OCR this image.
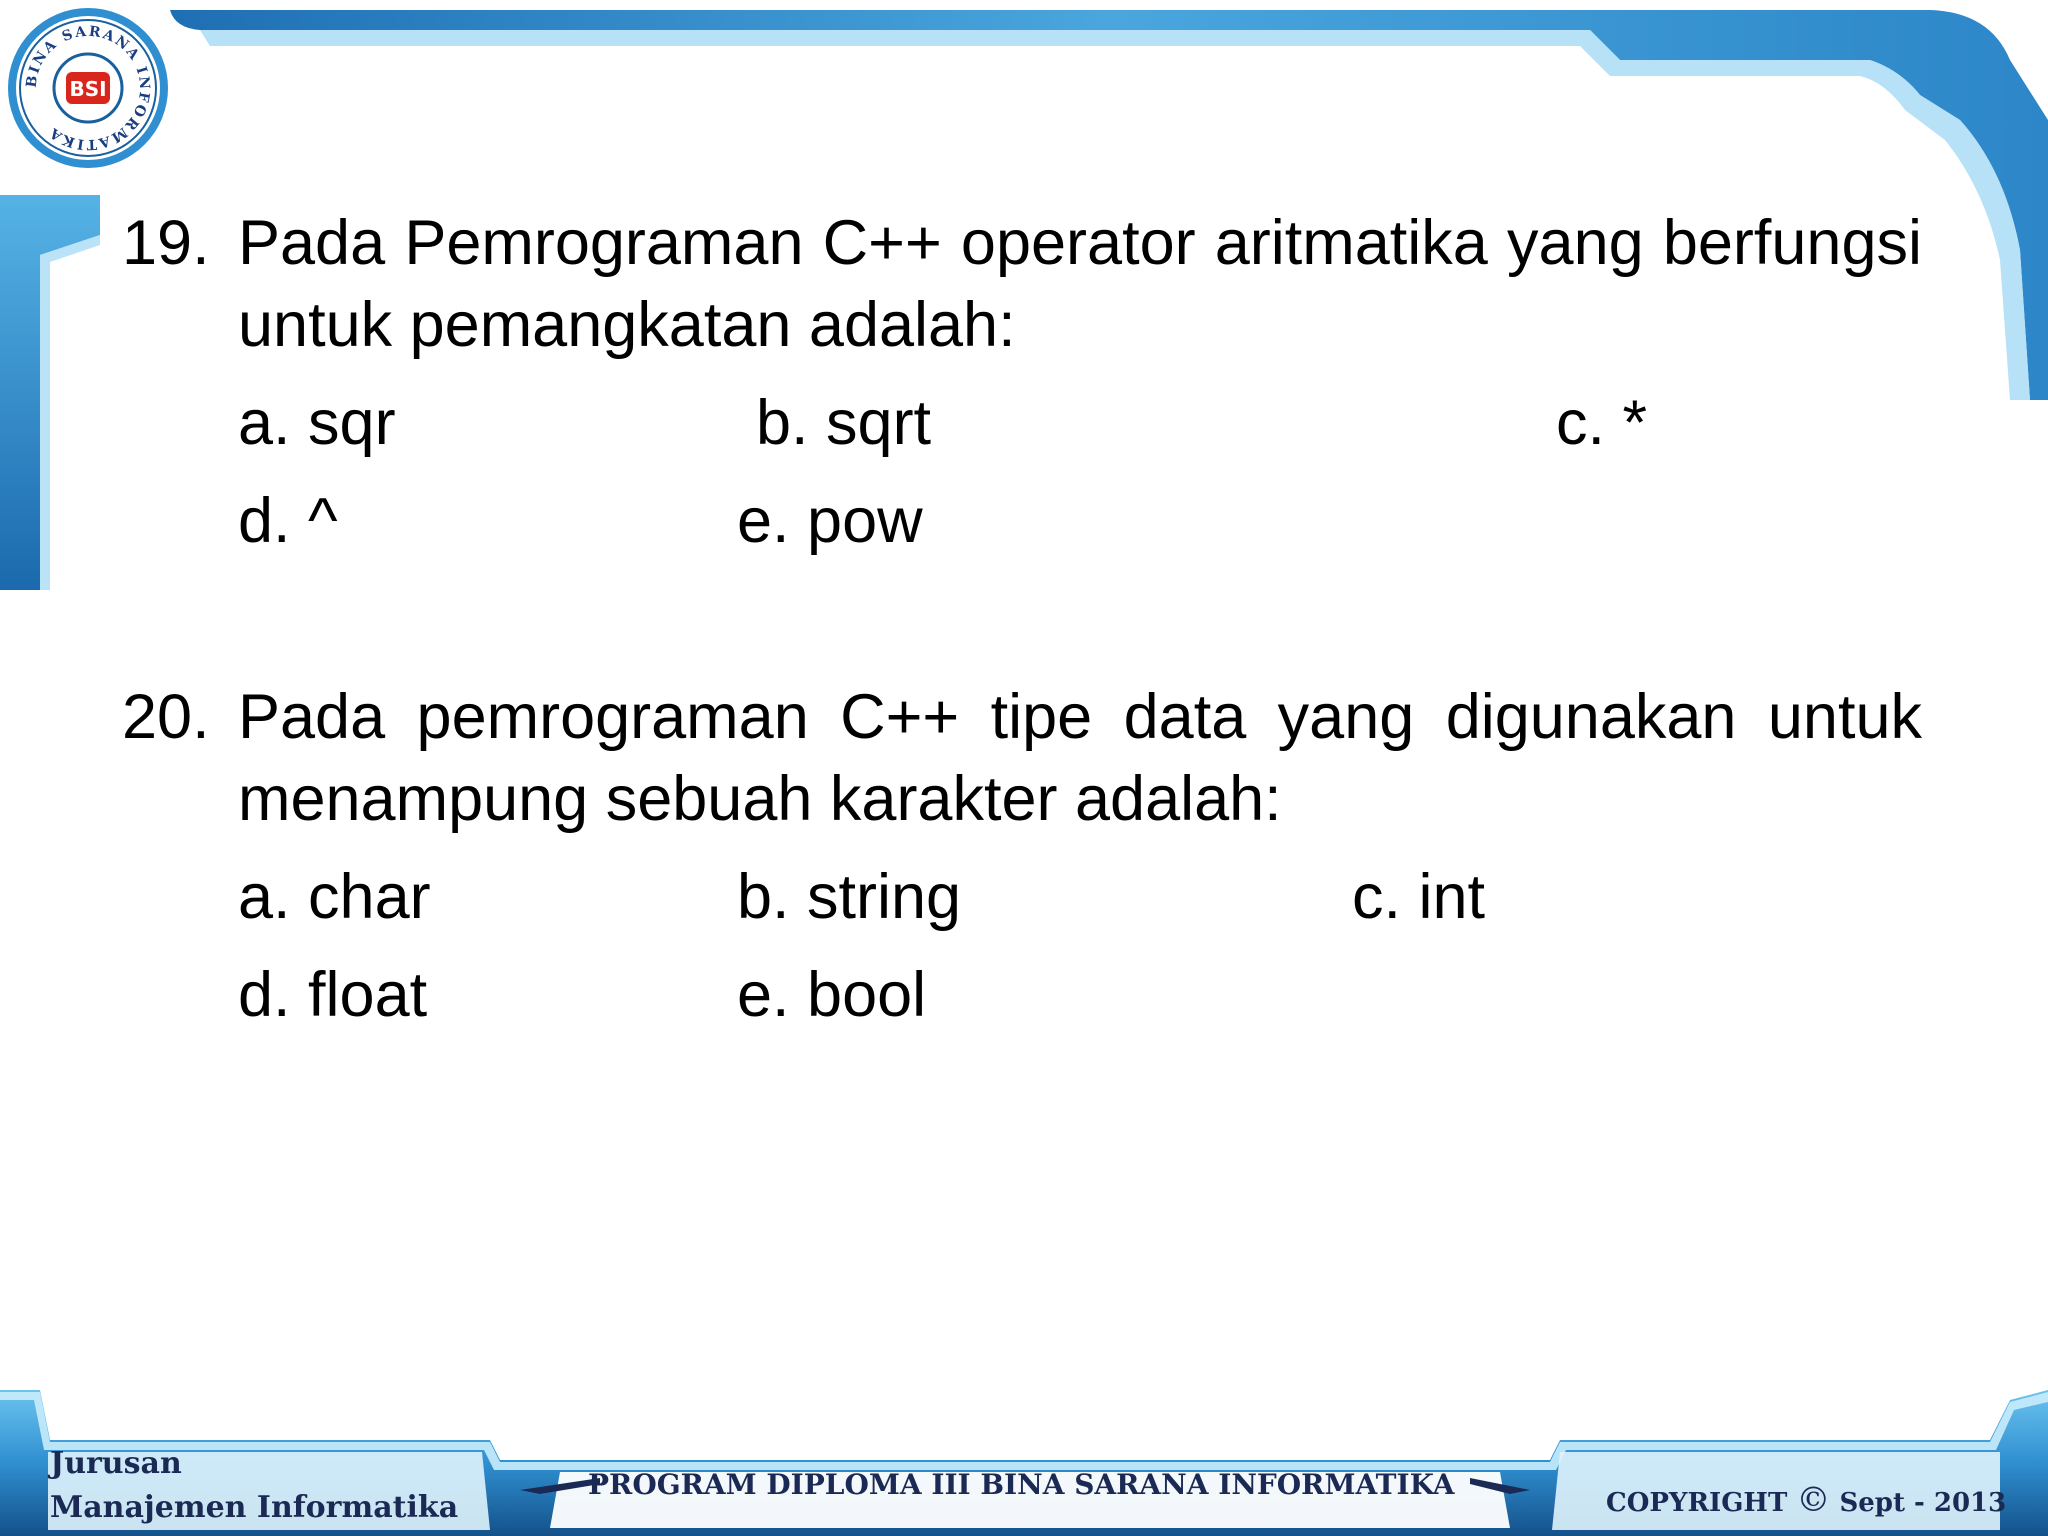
BINA SARANA INFORMATIKA
BSI
19. Pada Pemrograman C++ operator aritmatika yang berfungsi untuk pemangkatan adalah:
a. sqr	b. sqrt	c. *
d. ^	e. pow
20. Pada pemrograman C++ tipe data yang digunakan untuk menampung sebuah karakter adalah:
a. char	b. string	c. int
d. float	e. bool
Jurusan
Manajemen Informatika
PROGRAM DIPLOMA III BINA SARANA INFORMATIKA
COPYRIGHT © Sept - 2013
